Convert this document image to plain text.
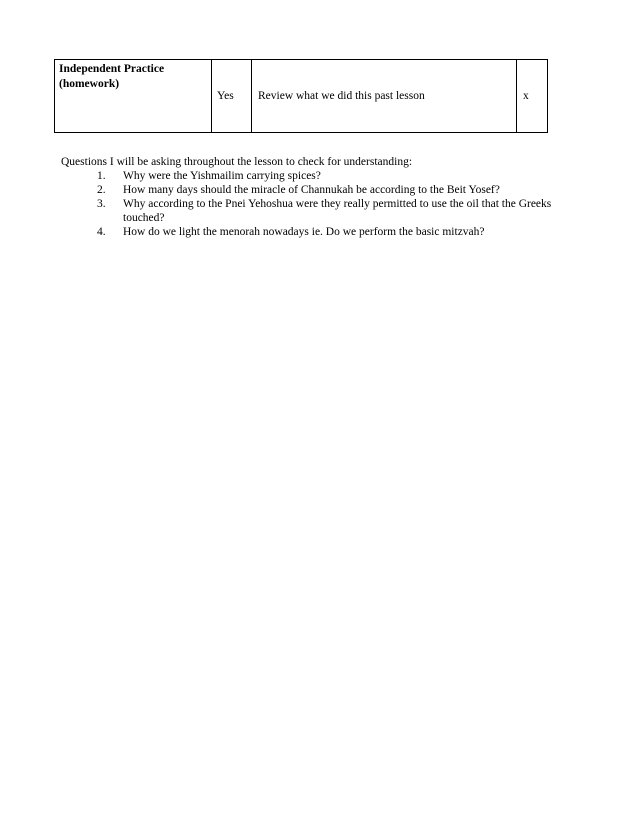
Independent Practice
(homework)
	Yes	Review what we did this past lesson	x

Questions I will be asking throughout the lesson to check for understanding:

1. Why were the Yishmailim carrying spices?
2. How many days should the miracle of Channukah be according to the Beit Yosef?
3. Why according to the Pnei Yehoshua were they really permitted to use the oil that the Greeks touched?
4. How do we light the menorah nowadays ie. Do we perform the basic mitzvah?
